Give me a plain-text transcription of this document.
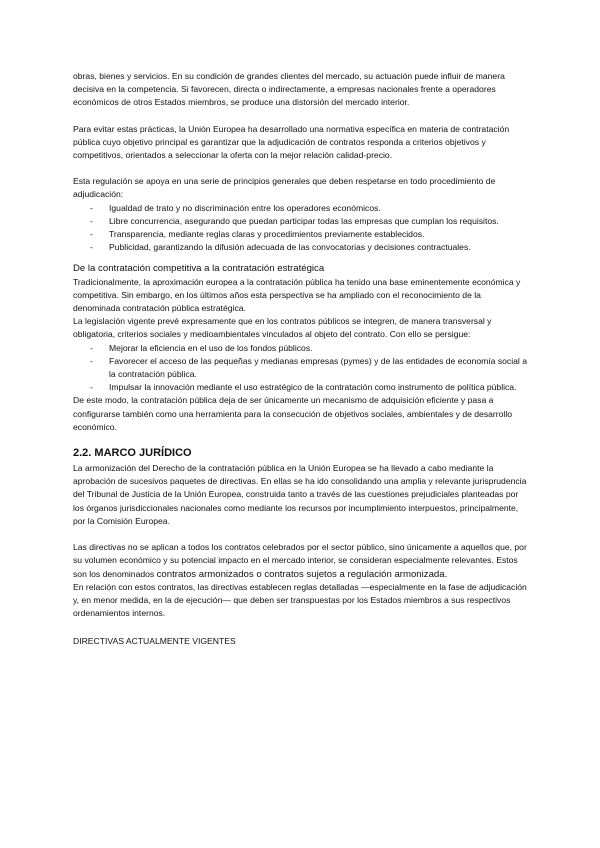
obras, bienes y servicios. En su condición de grandes clientes del mercado, su actuación puede influir de manera decisiva en la competencia. Si favorecen, directa o indirectamente, a empresas nacionales frente a operadores económicos de otros Estados miembros, se produce una distorsión del mercado interior.

Para evitar estas prácticas, la Unión Europea ha desarrollado una normativa específica en materia de contratación pública cuyo objetivo principal es garantizar que la adjudicación de contratos responda a criterios objetivos y competitivos, orientados a seleccionar la oferta con la mejor relación calidad-precio.

Esta regulación se apoya en una serie de principios generales que deben respetarse en todo procedimiento de adjudicación:

- Igualdad de trato y no discriminación entre los operadores económicos.
- Libre concurrencia, asegurando que puedan participar todas las empresas que cumplan los requisitos.
- Transparencia, mediante reglas claras y procedimientos previamente establecidos.
- Publicidad, garantizando la difusión adecuada de las convocatorias y decisiones contractuales.
De la contratación competitiva a la contratación estratégica

Tradicionalmente, la aproximación europea a la contratación pública ha tenido una base eminentemente económica y competitiva. Sin embargo, en los últimos años esta perspectiva se ha ampliado con el reconocimiento de la denominada contratación pública estratégica.

La legislación vigente prevé expresamente que en los contratos públicos se integren, de manera transversal y obligatoria, criterios sociales y medioambientales vinculados al objeto del contrato. Con ello se persigue:

- Mejorar la eficiencia en el uso de los fondos públicos.
- Favorecer el acceso de las pequeñas y medianas empresas (pymes) y de las entidades de economía social a la contratación pública.
- Impulsar la innovación mediante el uso estratégico de la contratación como instrumento de política pública.

De este modo, la contratación pública deja de ser únicamente un mecanismo de adquisición eficiente y pasa a configurarse también como una herramienta para la consecución de objetivos sociales, ambientales y de desarrollo económico.

2.2. MARCO JURÍDICO

La armonización del Derecho de la contratación pública en la Unión Europea se ha llevado a cabo mediante la aprobación de sucesivos paquetes de directivas. En ellas se ha ido consolidando una amplia y relevante jurisprudencia del Tribunal de Justicia de la Unión Europea, construida tanto a través de las cuestiones prejudiciales planteadas por los órganos jurisdiccionales nacionales como mediante los recursos por incumplimiento interpuestos, principalmente, por la Comisión Europea.

Las directivas no se aplican a todos los contratos celebrados por el sector público, sino únicamente a aquellos que, por su volumen económico y su potencial impacto en el mercado interior, se consideran especialmente relevantes. Estos son los denominados contratos armonizados o contratos sujetos a regulación armonizada.

En relación con estos contratos, las directivas establecen reglas detalladas —especialmente en la fase de adjudicación y, en menor medida, en la de ejecución— que deben ser transpuestas por los Estados miembros a sus respectivos ordenamientos internos.

DIRECTIVAS ACTUALMENTE VIGENTES
